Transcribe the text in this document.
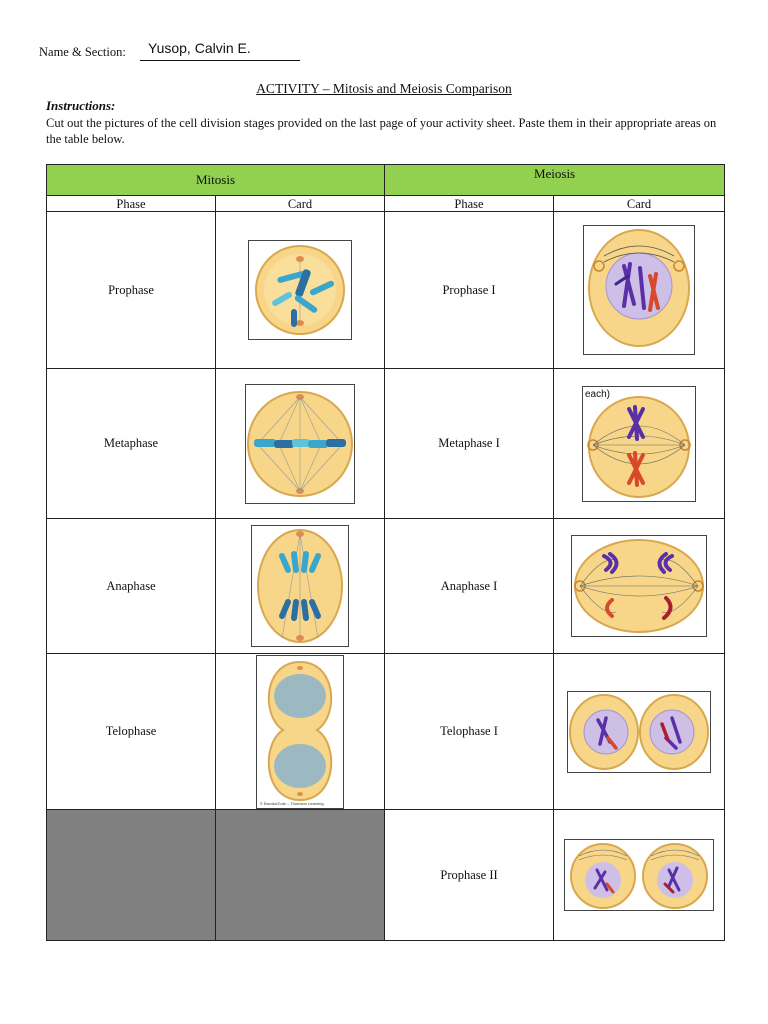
Name & Section: Yusop, Calvin E.
ACTIVITY – Mitosis and Meiosis Comparison
Instructions:
Cut out the pictures of the cell division stages provided on the last page of your activity sheet. Paste them in their appropriate areas on the table below.
Mitosis		Meiosis	
Phase	Card	Phase	Card
Prophase		Prophase I	

Metaphase		Metaphase I	each)

Anaphase		Anaphase I	

Telophase	© Brooks/Cole – Thomson Learning	Telophase I	

		Prophase II	
